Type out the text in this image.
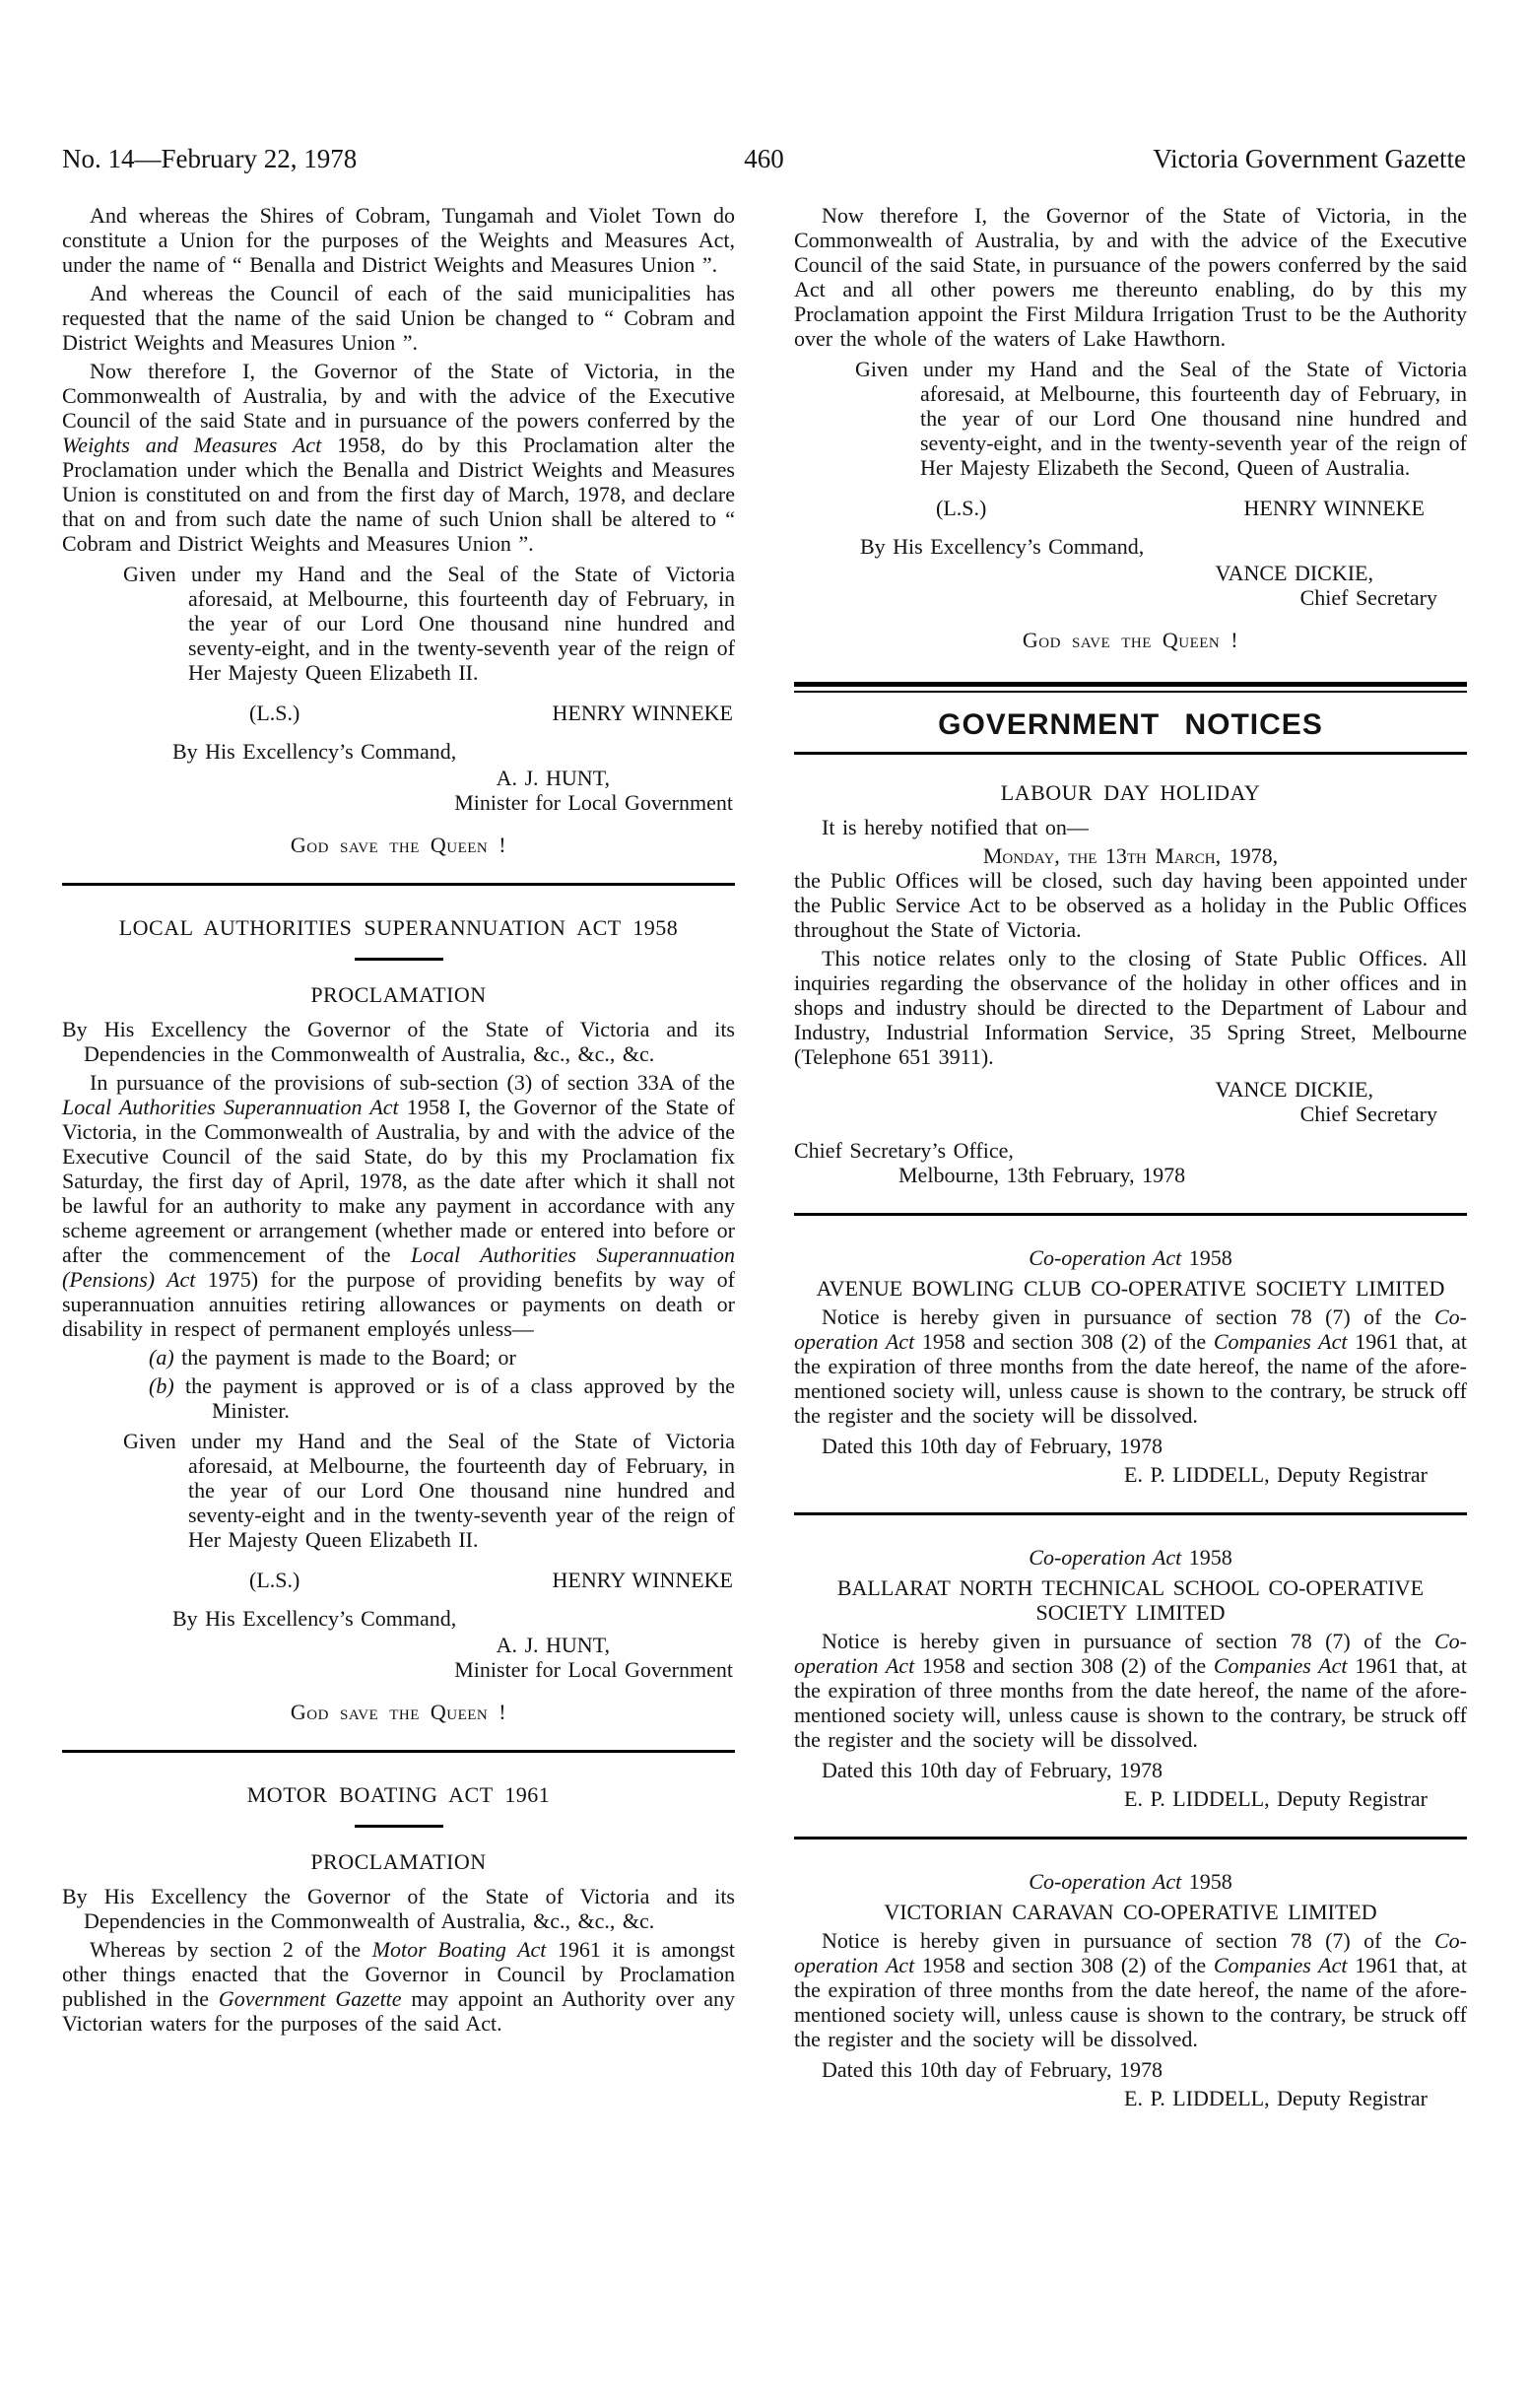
No. 14—February 22, 1978	460	Victoria Government Gazette

And whereas the Shires of Cobram, Tungamah and Violet Town do constitute a Union for the purposes of the Weights and Measures Act, under the name of “ Benalla and District Weights and Measures Union ”.

And whereas the Council of each of the said municipalities has requested that the name of the said Union be changed to “ Cobram and District Weights and Measures Union ”.

Now therefore I, the Governor of the State of Victoria, in the Commonwealth of Australia, by and with the advice of the Executive Council of the said State and in pursuance of the powers conferred by the Weights and Measures Act 1958, do by this Proclamation alter the Proclamation under which the Benalla and District Weights and Measures Union is constituted on and from the first day of March, 1978, and declare that on and from such date the name of such Union shall be altered to “ Cobram and District Weights and Measures Union ”.

Given under my Hand and the Seal of the State of Victoria aforesaid, at Melbourne, this fourteenth day of February, in the year of our Lord One thousand nine hundred and seventy-eight, and in the twenty-seventh year of the reign of Her Majesty Queen Elizabeth II.

(L.S.)	HENRY WINNEKE

By His Excellency’s Command,

A. J. HUNT,
Minister for Local Government

God save the Queen !

LOCAL AUTHORITIES SUPERANNUATION ACT 1958

PROCLAMATION

By His Excellency the Governor of the State of Victoria and its Dependencies in the Commonwealth of Australia, &c., &c., &c.

In pursuance of the provisions of sub-section (3) of section 33A of the Local Authorities Superannuation Act 1958 I, the Governor of the State of Victoria, in the Commonwealth of Australia, by and with the advice of the Executive Council of the said State, do by this my Proclamation fix Saturday, the first day of April, 1978, as the date after which it shall not be lawful for an authority to make any payment in accordance with any scheme agreement or arrangement (whether made or entered into before or after the commencement of the Local Authorities Superannuation (Pensions) Act 1975) for the purpose of providing benefits by way of superannuation annuities retiring allowances or payments on death or disability in respect of permanent employés unless—

(a) the payment is made to the Board; or

(b) the payment is approved or is of a class approved by the Minister.

Given under my Hand and the Seal of the State of Victoria aforesaid, at Melbourne, the fourteenth day of February, in the year of our Lord One thousand nine hundred and seventy-eight and in the twenty-seventh year of the reign of Her Majesty Queen Elizabeth II.

(L.S.)	HENRY WINNEKE

By His Excellency’s Command,

A. J. HUNT,
Minister for Local Government

God save the Queen !

MOTOR BOATING ACT 1961

PROCLAMATION

By His Excellency the Governor of the State of Victoria and its Dependencies in the Commonwealth of Australia, &c., &c., &c.

Whereas by section 2 of the Motor Boating Act 1961 it is amongst other things enacted that the Governor in Council by Proclamation published in the Government Gazette may appoint an Authority over any Victorian waters for the purposes of the said Act.

Now therefore I, the Governor of the State of Victoria, in the Commonwealth of Australia, by and with the advice of the Executive Council of the said State, in pursuance of the powers conferred by the said Act and all other powers me thereunto enabling, do by this my Proclamation appoint the First Mildura Irrigation Trust to be the Authority over the whole of the waters of Lake Hawthorn.

Given under my Hand and the Seal of the State of Victoria aforesaid, at Melbourne, this fourteenth day of February, in the year of our Lord One thousand nine hundred and seventy-eight, and in the twenty-seventh year of the reign of Her Majesty Elizabeth the Second, Queen of Australia.

(L.S.)	HENRY WINNEKE

By His Excellency’s Command,

VANCE DICKIE,
Chief Secretary

God save the Queen !

GOVERNMENT NOTICES

LABOUR DAY HOLIDAY

It is hereby notified that on—

Monday, the 13th March, 1978,

the Public Offices will be closed, such day having been appointed under the Public Service Act to be observed as a holiday in the Public Offices throughout the State of Victoria.

This notice relates only to the closing of State Public Offices. All inquiries regarding the observance of the holiday in other offices and in shops and industry should be directed to the Department of Labour and Industry, Industrial Information Service, 35 Spring Street, Melbourne (Telephone 651 3911).

VANCE DICKIE,
Chief Secretary

Chief Secretary’s Office,

Melbourne, 13th February, 1978

Co-operation Act 1958

AVENUE BOWLING CLUB CO-OPERATIVE SOCIETY LIMITED

Notice is hereby given in pursuance of section 78 (7) of the Co-operation Act 1958 and section 308 (2) of the Companies Act 1961 that, at the expiration of three months from the date hereof, the name of the afore-mentioned society will, unless cause is shown to the contrary, be struck off the register and the society will be dissolved.

Dated this 10th day of February, 1978

E. P. LIDDELL, Deputy Registrar

Co-operation Act 1958

BALLARAT NORTH TECHNICAL SCHOOL CO-OPERATIVE SOCIETY LIMITED

Notice is hereby given in pursuance of section 78 (7) of the Co-operation Act 1958 and section 308 (2) of the Companies Act 1961 that, at the expiration of three months from the date hereof, the name of the afore-mentioned society will, unless cause is shown to the contrary, be struck off the register and the society will be dissolved.

Dated this 10th day of February, 1978

E. P. LIDDELL, Deputy Registrar

Co-operation Act 1958

VICTORIAN CARAVAN CO-OPERATIVE LIMITED

Notice is hereby given in pursuance of section 78 (7) of the Co-operation Act 1958 and section 308 (2) of the Companies Act 1961 that, at the expiration of three months from the date hereof, the name of the afore-mentioned society will, unless cause is shown to the contrary, be struck off the register and the society will be dissolved.

Dated this 10th day of February, 1978

E. P. LIDDELL, Deputy Registrar
